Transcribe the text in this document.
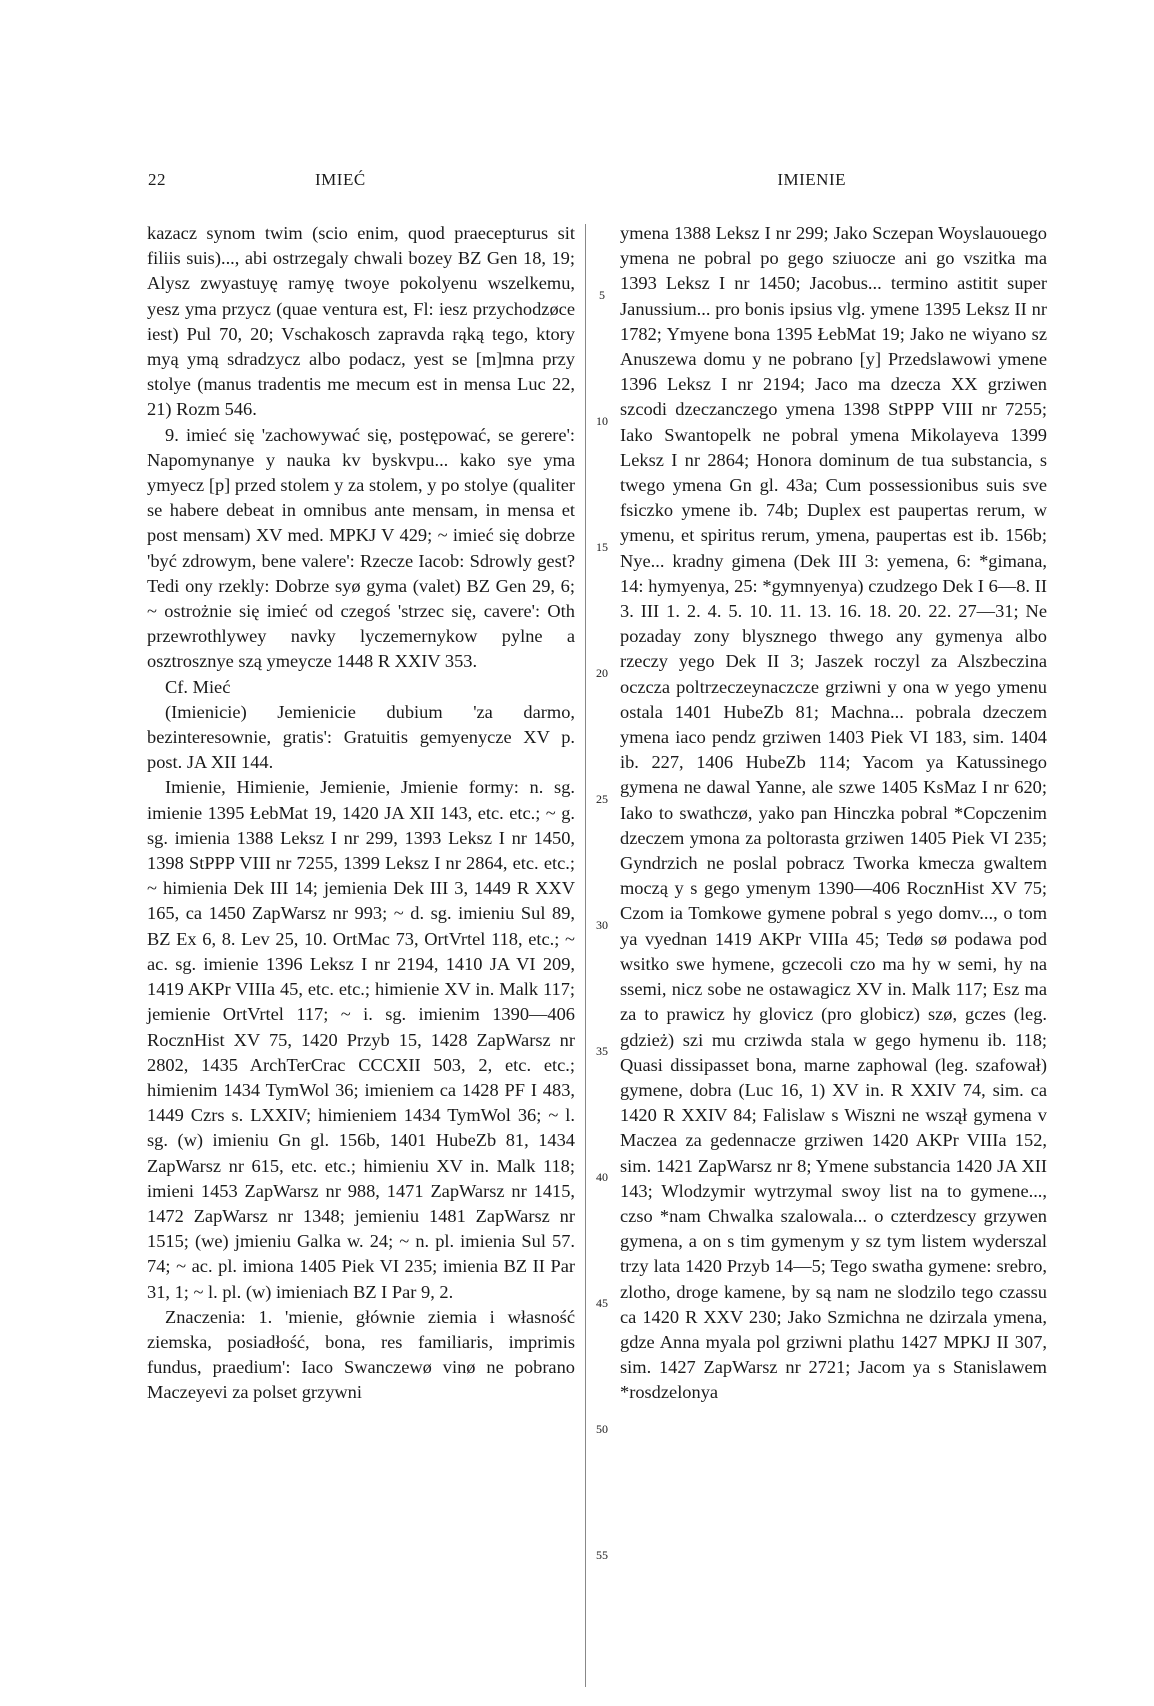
22	IMIEĆ	IMIENIE

kazacz synom twim (scio enim, quod praecepturus sit filiis suis)..., abi ostrzegaly chwali bozey BZ Gen 18, 19; Alysz zwyastuyę ramyę twoye pokolyenu wszelkemu, yesz yma przycz (quae ventura est, Fl: iesz przychodzøce iest) Pul 70, 20; Vschakosch zapravda rąką tego, ktory myą ymą sdradzycz albo podacz, yest se [m]mna przy stolye (manus tradentis me mecum est in mensa Luc 22, 21) Rozm 546.

9. imieć się 'zachowywać się, postępować, se gerere': Napomynanye y nauka kv byskvpu... kako sye yma ymyecz [p] przed stolem y za stolem, y po stolye (qualiter se habere debeat in omnibus ante mensam, in mensa et post mensam) XV med. MPKJ V 429; ~ imieć się dobrze 'być zdrowym, bene valere': Rzecze Iacob: Sdrowly gest? Tedi ony rzekly: Dobrze syø gyma (valet) BZ Gen 29, 6; ~ ostrożnie się imieć od czegoś 'strzec się, cavere': Oth przewrothlywey navky lyczemernykow pylne a osztrosznye szą ymeycze 1448 R XXIV 353.

Cf. Mieć

(Imienicie) Jemienicie dubium 'za darmo, bezinteresownie, gratis': Gratuitis gemyenycze XV p. post. JA XII 144.

Imienie, Himienie, Jemienie, Jmienie formy: n. sg. imienie 1395 ŁebMat 19, 1420 JA XII 143, etc. etc.; ~ g. sg. imienia 1388 Leksz I nr 299, 1393 Leksz I nr 1450, 1398 StPPP VIII nr 7255, 1399 Leksz I nr 2864, etc. etc.; ~ himienia Dek III 14; jemienia Dek III 3, 1449 R XXV 165, ca 1450 ZapWarsz nr 993; ~ d. sg. imieniu Sul 89, BZ Ex 6, 8. Lev 25, 10. OrtMac 73, OrtVrtel 118, etc.; ~ ac. sg. imienie 1396 Leksz I nr 2194, 1410 JA VI 209, 1419 AKPr VIIIa 45, etc. etc.; himienie XV in. Malk 117; jemienie OrtVrtel 117; ~ i. sg. imienim 1390—406 RocznHist XV 75, 1420 Przyb 15, 1428 ZapWarsz nr 2802, 1435 ArchTerCrac CCCXII 503, 2, etc. etc.; himienim 1434 TymWol 36; imieniem ca 1428 PF I 483, 1449 Czrs s. LXXIV; himieniem 1434 TymWol 36; ~ l. sg. (w) imieniu Gn gl. 156b, 1401 HubeZb 81, 1434 ZapWarsz nr 615, etc. etc.; himieniu XV in. Malk 118; imieni 1453 ZapWarsz nr 988, 1471 ZapWarsz nr 1415, 1472 ZapWarsz nr 1348; jemieniu 1481 ZapWarsz nr 1515; (we) jmieniu Galka w. 24; ~ n. pl. imienia Sul 57. 74; ~ ac. pl. imiona 1405 Piek VI 235; imienia BZ II Par 31, 1; ~ l. pl. (w) imieniach BZ I Par 9, 2.

Znaczenia: 1. 'mienie, głównie ziemia i własność ziemska, posiadłość, bona, res familiaris, imprimis fundus, praedium': Iaco Swanczewø vinø ne pobrano Maczeyevi za polset grzywni

5
10
15
20
25
30
35
40
45
50
55

ymena 1388 Leksz I nr 299; Jako Sczepan Woyslauouego ymena ne pobral po gego sziuocze ani go vszitka ma 1393 Leksz I nr 1450; Jacobus... termino astitit super Janussium... pro bonis ipsius vlg. ymene 1395 Leksz II nr 1782; Ymyene bona 1395 ŁebMat 19; Jako ne wiyano sz Anuszewa domu y ne pobrano [y] Przedslawowi ymene 1396 Leksz I nr 2194; Jaco ma dzecza XX grziwen szcodi dzeczanczego ymena 1398 StPPP VIII nr 7255; Iako Swantopelk ne pobral ymena Mikolayeva 1399 Leksz I nr 2864; Honora dominum de tua substancia, s twego ymena Gn gl. 43a; Cum possessionibus suis sve fsiczko ymene ib. 74b; Duplex est paupertas rerum, w ymenu, et spiritus rerum, ymena, paupertas est ib. 156b; Nye... kradny gimena (Dek III 3: yemena, 6: *gimana, 14: hymyenya, 25: *gymnyenya) czudzego Dek I 6—8. II 3. III 1. 2. 4. 5. 10. 11. 13. 16. 18. 20. 22. 27—31; Ne pozaday zony blysznego thwego any gymenya albo rzeczy yego Dek II 3; Jaszek roczyl za Alszbeczina oczcza poltrzeczeynaczcze grziwni y ona w yego ymenu ostala 1401 HubeZb 81; Machna... pobrala dzeczem ymena iaco pendz grziwen 1403 Piek VI 183, sim. 1404 ib. 227, 1406 HubeZb 114; Yacom ya Katussinego gymena ne dawal Yanne, ale szwe 1405 KsMaz I nr 620; Iako to swathczø, yako pan Hinczka pobral *Copczenim dzeczem ymona za poltorasta grziwen 1405 Piek VI 235; Gyndrzich ne poslal pobracz Tworka kmecza gwaltem moczą y s gego ymenym 1390—406 RocznHist XV 75; Czom ia Tomkowe gymene pobral s yego domv..., o tom ya vyednan 1419 AKPr VIIIa 45; Tedø sø podawa pod wsitko swe hymene, gczecoli czo ma hy w semi, hy na ssemi, nicz sobe ne ostawagicz XV in. Malk 117; Esz ma za to prawicz hy glovicz (pro globicz) szø, gczes (leg. gdzież) szi mu crziwda stala w gego hymenu ib. 118; Quasi dissipasset bona, marne zaphowal (leg. szafował) gymene, dobra (Luc 16, 1) XV in. R XXIV 74, sim. ca 1420 R XXIV 84; Falislaw s Wiszni ne wszął gymena v Maczea za gedennacze grziwen 1420 AKPr VIIIa 152, sim. 1421 ZapWarsz nr 8; Ymene substancia 1420 JA XII 143; Wlodzymir wytrzymal swoy list na to gymene..., czso *nam Chwalka szalowala... o czterdzescy grzywen gymena, a on s tim gymenym y sz tym listem wyderszal trzy lata 1420 Przyb 14—5; Tego swatha gymene: srebro, zlotho, droge kamene, by są nam ne slodzilo tego czassu ca 1420 R XXV 230; Jako Szmichna ne dzirzala ymena, gdze Anna myala pol grziwni plathu 1427 MPKJ II 307, sim. 1427 ZapWarsz nr 2721; Jacom ya s Stanislawem *rosdzelonya
